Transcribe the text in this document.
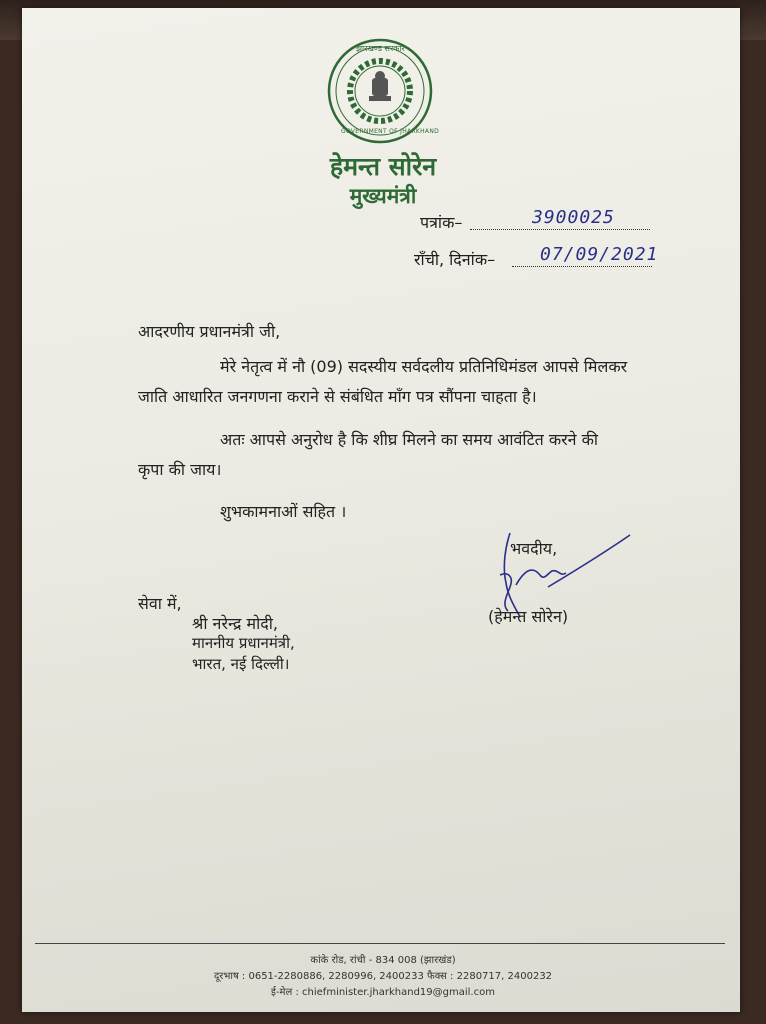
झारखण्ड सरकार
GOVERNMENT OF JHARKHAND
हेमन्त सोरेन
मुख्यमंत्री
पत्रांक–	3900025
राँची, दिनांक– 07/09/2021
आदरणीय प्रधानमंत्री जी,
मेरे नेतृत्व में नौ (09) सदस्यीय सर्वदलीय प्रतिनिधिमंडल आपसे मिलकर
जाति आधारित जनगणना कराने से संबंधित माँग पत्र सौंपना चाहता है।
अतः आपसे अनुरोध है कि शीघ्र मिलने का समय आवंटित करने की
कृपा की जाय।
शुभकामनाओं सहित ।
भवदीय,
(हेमन्त सोरेन)
सेवा में,
श्री नरेन्द्र मोदी,
माननीय प्रधानमंत्री,
भारत, नई दिल्ली।
कांके रोड, रांची - 834 008 (झारखंड)
दूरभाष : 0651-2280886, 2280996, 2400233 फैक्स : 2280717, 2400232
ई-मेल : chiefminister.jharkhand19@gmail.com
